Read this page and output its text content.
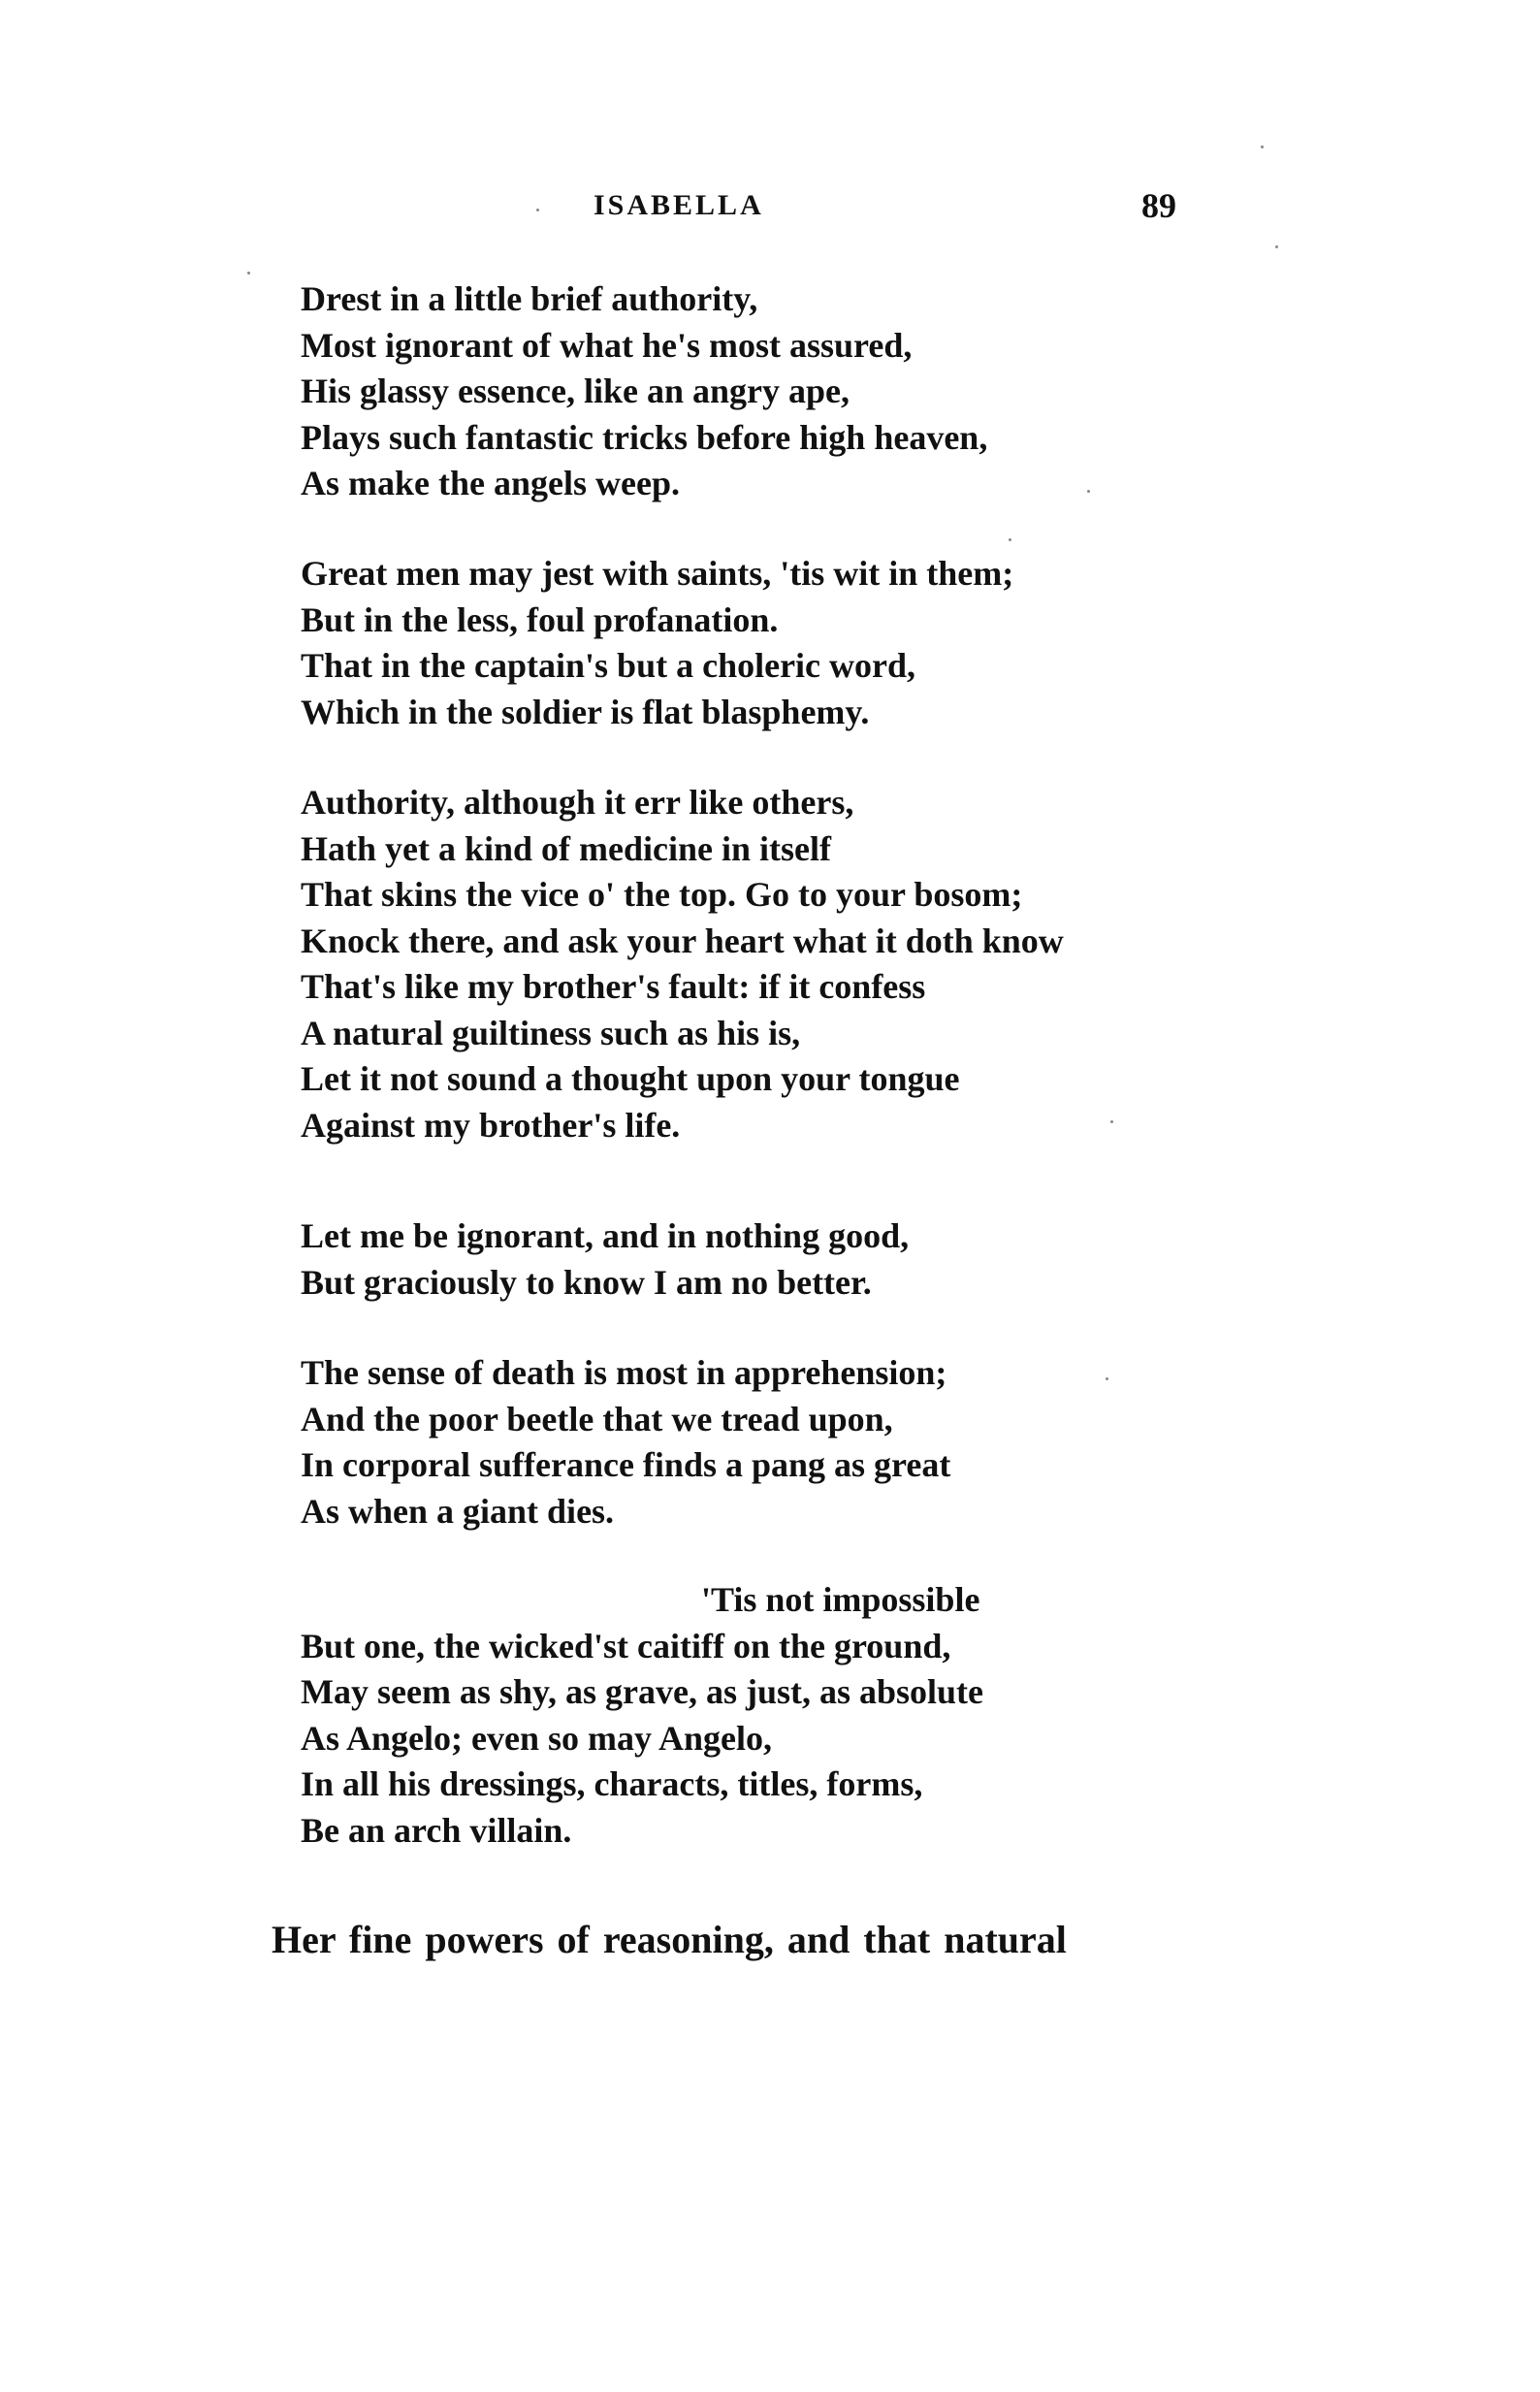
ISABELLA	89
Drest in a little brief authority,
Most ignorant of what he's most assured,
His glassy essence, like an angry ape,
Plays such fantastic tricks before high heaven,
As make the angels weep.
Great men may jest with saints, 'tis wit in them;
But in the less, foul profanation.
That in the captain's but a choleric word,
Which in the soldier is flat blasphemy.
Authority, although it err like others,
Hath yet a kind of medicine in itself
That skins the vice o' the top. Go to your bosom;
Knock there, and ask your heart what it doth know
That's like my brother's fault: if it confess
A natural guiltiness such as his is,
Let it not sound a thought upon your tongue
Against my brother's life.
Let me be ignorant, and in nothing good,
But graciously to know I am no better.
The sense of death is most in apprehension;
And the poor beetle that we tread upon,
In corporal sufferance finds a pang as great
As when a giant dies.
'Tis not impossible
But one, the wicked'st caitiff on the ground,
May seem as shy, as grave, as just, as absolute
As Angelo; even so may Angelo,
In all his dressings, characts, titles, forms,
Be an arch villain.
Her fine powers of reasoning, and that natural
